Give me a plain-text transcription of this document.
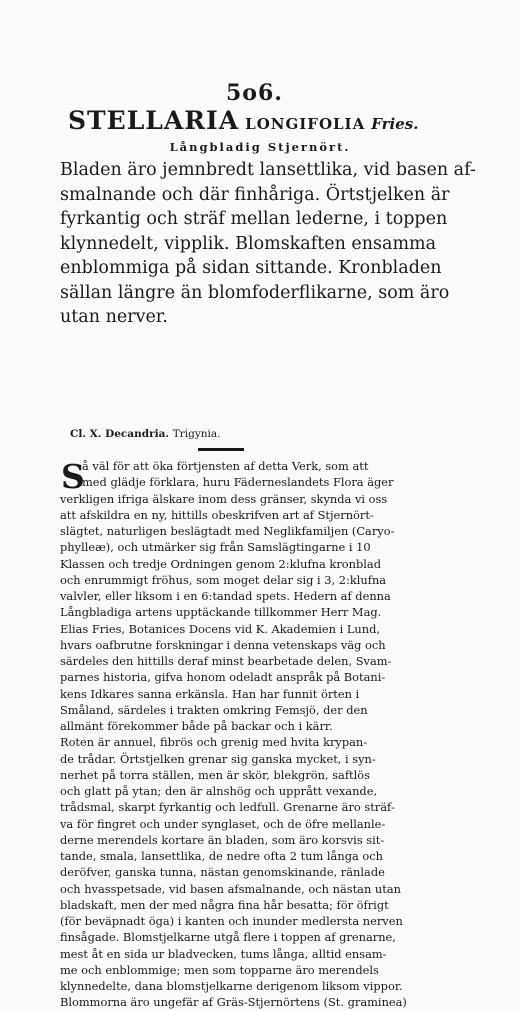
5o6.
STELLARIA LONGIFOLIA Fries.
Långbladig Stjernört.
Bladen äro jemnbredt lansettlika, vid basen af-
smalnande och där finhåriga. Örtstjelken är
fyrkantig och sträf mellan lederne, i toppen
klynnedelt, vipplik. Blomskaften ensamma
enblommiga på sidan sittande. Kronbladen
sällan längre än blomfoderflikarne, som äro
utan nerver.
Cl. X. Decandria. Trigynia.
S
å väl för att öka förtjensten af detta Verk, som att
med glädje förklara, huru Fäderneslandets Flora äger
verkligen ifriga älskare inom dess gränser, skynda vi oss
att afskildra en ny, hittills obeskrifven art af Stjernört-
slägtet, naturligen beslägtadt med Neglikfamiljen (Caryo-
phylleæ), och utmärker sig från Samslägtingarne i 10
Klassen och tredje Ordningen genom 2:klufna kronblad
och enrummigt fröhus, som moget delar sig i 3, 2:klufna
valvler, eller liksom i en 6:tandad spets. Hedern af denna
Långbladiga artens upptäckande tillkommer Herr Mag.
Elias Fries, Botanices Docens vid K. Akademien i Lund,
hvars oafbrutne forskningar i denna vetenskaps väg och
särdeles den hittills deraf minst bearbetade delen, Svam-
parnes historia, gifva honom odeladt anspråk på Botani-
kens Idkares sanna erkänsla. Han har funnit örten i
Småland, särdeles i trakten omkring Femsjö, der den
allmänt förekommer både på backar och i kärr.
Roten är annuel, fibrös och grenig med hvita krypan-
de trådar. Örtstjelken grenar sig ganska mycket, i syn-
nerhet på torra ställen, men är skör, blekgrön, saftlös
och glatt på ytan; den är alnshög och upprått vexande,
trådsmal, skarpt fyrkantig och ledfull. Grenarne äro sträf-
va för fingret och under synglaset, och de öfre mellanle-
derne merendels kortare än bladen, som äro korsvis sit-
tande, smala, lansettlika, de nedre ofta 2 tum långa och
deröfver, ganska tunna, nästan genomskinande, ränlade
och hvasspetsade, vid basen afsmalnande, och nästan utan
bladskaft, men der med några fina hår besatta; för öfrigt
(för beväpnadt öga) i kanten och inunder medlersta nerven
finsågade. Blomstjelkarne utgå flere i toppen af grenarne,
mest åt en sida ur bladvecken, tums långa, alltid ensam-
me och enblommige; men som topparne äro merendels
klynnedelte, dana blomstjelkarne derigenom liksom vippor.
Blommorna äro ungefär af Gräs-Stjernörtens (St. graminea)
